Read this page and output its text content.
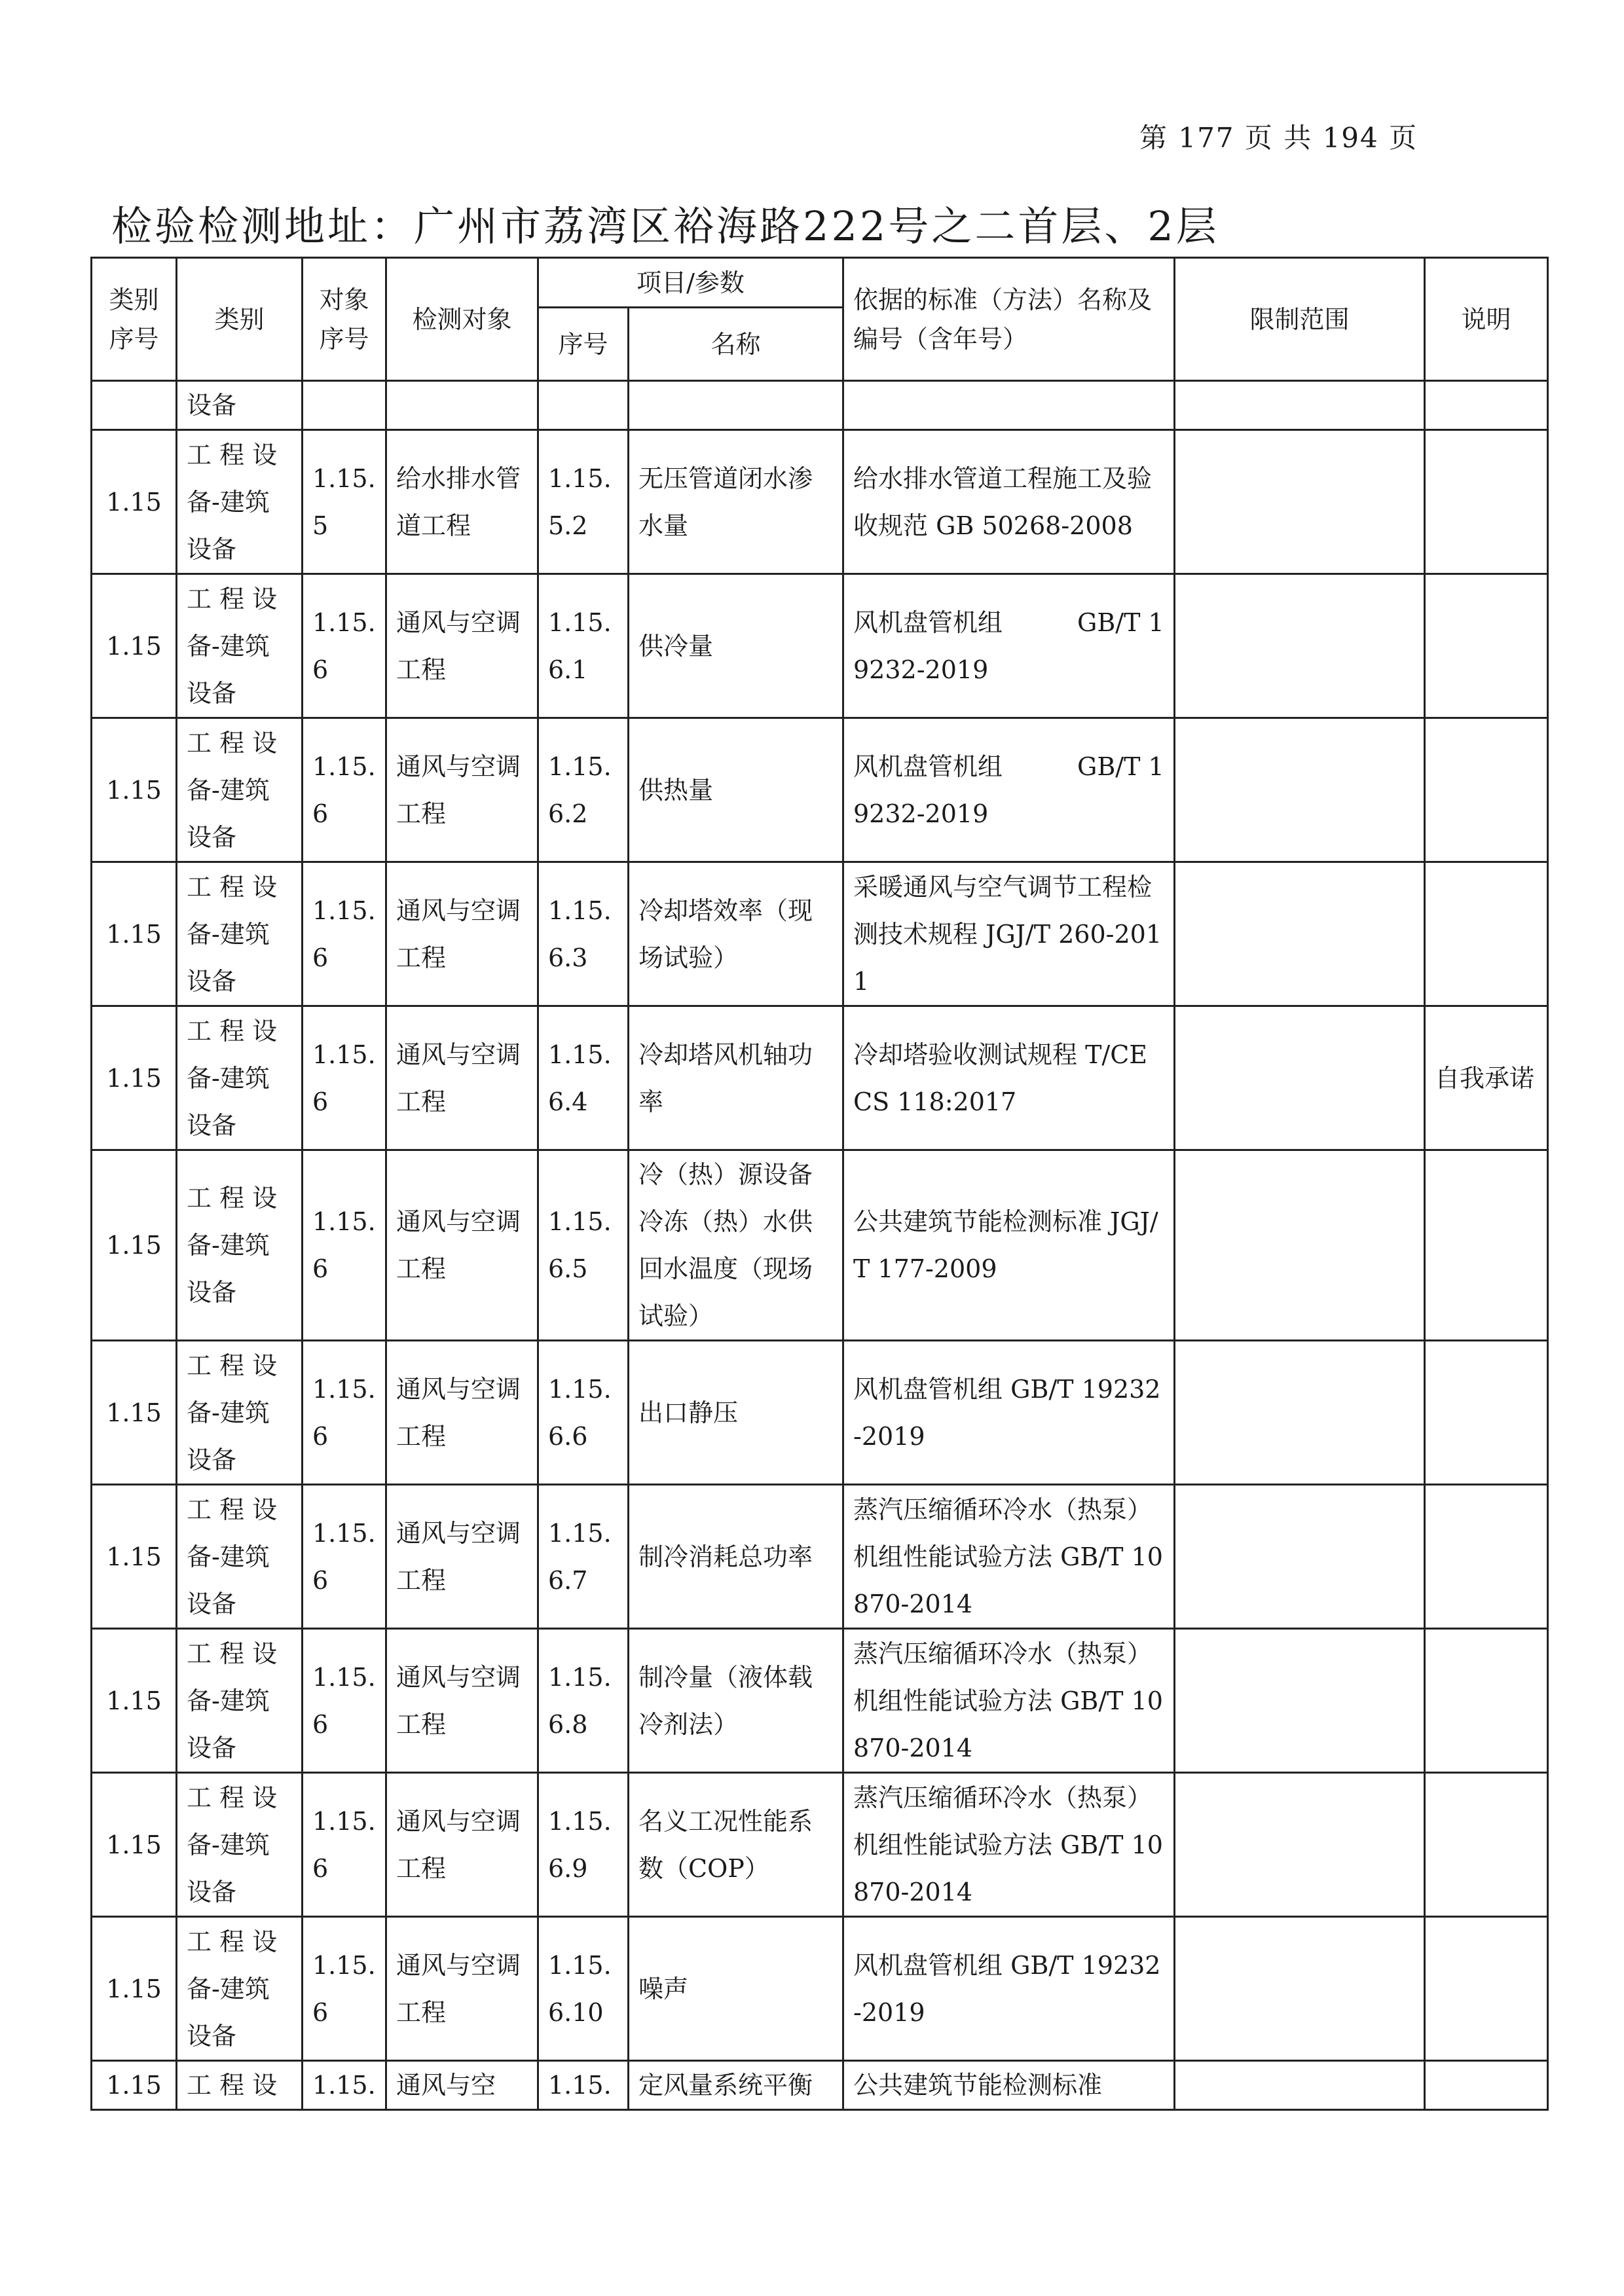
第 177 页 共 194 页
检验检测地址：广州市荔湾区裕海路222号之二首层、2层
类别序号	类别	对象序号	检测对象	项目/参数		依据的标准（方法）名称及编号（含年号）	限制范围	说明
				序号	名称			
	设备							
1.15	工 程 设备-建筑设备	1.15.5	给水排水管道工程	1.15.5.2	无压管道闭水渗水量	给水排水管道工程施工及验收规范 GB 50268-2008		
1.15	工 程 设备-建筑设备	1.15.6	通风与空调工程	1.15.6.1	供冷量	风机盘管机组　　　GB/T 19232-2019		
1.15	工 程 设备-建筑设备	1.15.6	通风与空调工程	1.15.6.2	供热量	风机盘管机组　　　GB/T 19232-2019		
1.15	工 程 设备-建筑设备	1.15.6	通风与空调工程	1.15.6.3	冷却塔效率（现场试验）	采暖通风与空气调节工程检测技术规程 JGJ/T 260-2011		
1.15	工 程 设备-建筑设备	1.15.6	通风与空调工程	1.15.6.4	冷却塔风机轴功率	冷却塔验收测试规程 T/CECS 118:2017		自我承诺
1.15	工 程 设备-建筑设备	1.15.6	通风与空调工程	1.15.6.5	冷（热）源设备冷冻（热）水供回水温度（现场试验）	公共建筑节能检测标准 JGJ/T 177-2009		
1.15	工 程 设备-建筑设备	1.15.6	通风与空调工程	1.15.6.6	出口静压	风机盘管机组 GB/T 19232-2019		
1.15	工 程 设备-建筑设备	1.15.6	通风与空调工程	1.15.6.7	制冷消耗总功率	蒸汽压缩循环冷水（热泵）机组性能试验方法 GB/T 10870-2014		
1.15	工 程 设备-建筑设备	1.15.6	通风与空调工程	1.15.6.8	制冷量（液体载冷剂法）	蒸汽压缩循环冷水（热泵）机组性能试验方法 GB/T 10870-2014		
1.15	工 程 设备-建筑设备	1.15.6	通风与空调工程	1.15.6.9	名义工况性能系数（COP）	蒸汽压缩循环冷水（热泵）机组性能试验方法 GB/T 10870-2014		
1.15	工 程 设备-建筑设备	1.15.6	通风与空调工程	1.15.6.10	噪声	风机盘管机组 GB/T 19232-2019		
1.15	工 程 设	1.15.	通风与空	1.15.	定风量系统平衡	公共建筑节能检测标准		
